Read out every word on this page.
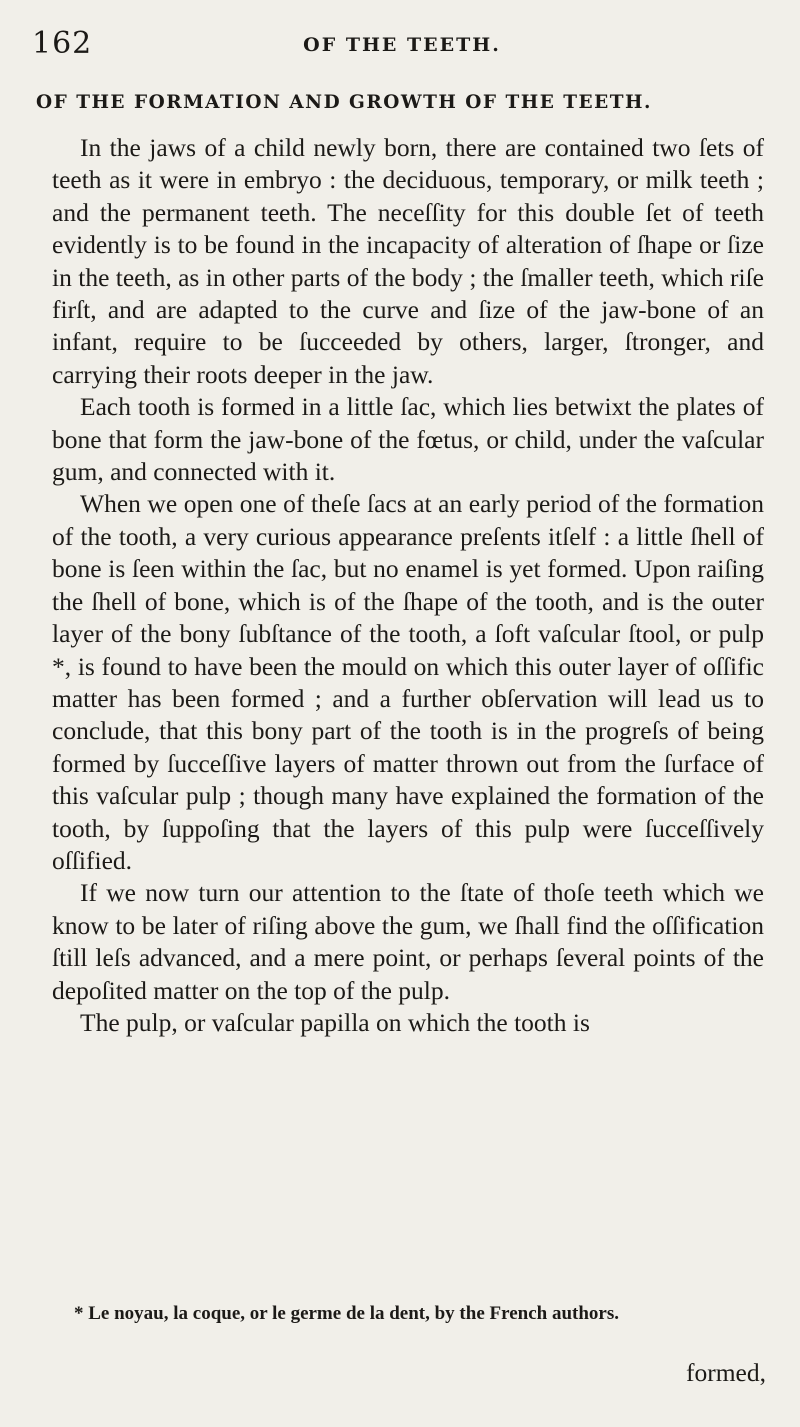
162	OF THE TEETH.
OF THE FORMATION AND GROWTH OF THE TEETH.

In the jaws of a child newly born, there are contained two ſets of teeth as it were in embryo : the deciduous, temporary, or milk teeth ; and the permanent teeth. The neceſſity for this double ſet of teeth evidently is to be found in the incapacity of alteration of ſhape or ſize in the teeth, as in other parts of the body ; the ſmaller teeth, which riſe firſt, and are adapted to the curve and ſize of the jaw-bone of an infant, require to be ſucceeded by others, larger, ſtronger, and carrying their roots deeper in the jaw.

Each tooth is formed in a little ſac, which lies betwixt the plates of bone that form the jaw-bone of the fœtus, or child, under the vaſcular gum, and connected with it.

When we open one of theſe ſacs at an early period of the formation of the tooth, a very curious appearance preſents itſelf : a little ſhell of bone is ſeen within the ſac, but no enamel is yet formed. Upon raiſing the ſhell of bone, which is of the ſhape of the tooth, and is the outer layer of the bony ſubſtance of the tooth, a ſoft vaſcular ſtool, or pulp *, is found to have been the mould on which this outer layer of oſſific matter has been formed ; and a further obſervation will lead us to conclude, that this bony part of the tooth is in the progreſs of being formed by ſucceſſive layers of matter thrown out from the ſurface of this vaſcular pulp ; though many have explained the formation of the tooth, by ſuppoſing that the layers of this pulp were ſucceſſively oſſified.

If we now turn our attention to the ſtate of thoſe teeth which we know to be later of riſing above the gum, we ſhall find the oſſification ſtill leſs advanced, and a mere point, or perhaps ſeveral points of the depoſited matter on the top of the pulp.

The pulp, or vaſcular papilla on which the tooth is

* Le noyau, la coque, or le germe de la dent, by the French authors.

formed,
